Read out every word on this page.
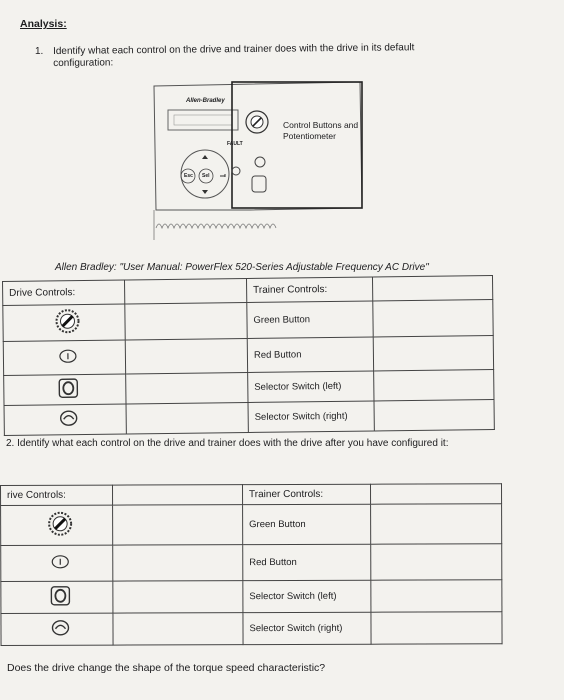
Analysis:
1. Identify what each control on the drive and trainer does with the drive in its default configuration:
Allen-Bradley
FAULT
Esc Sel
Control Buttons and Potentiometer
Allen Bradley: "User Manual: PowerFlex 520-Series Adjustable Frequency AC Drive"
Drive Controls:		Trainer Controls:	
		Green Button	
		Red Button	
		Selector Switch (left)	
		Selector Switch (right)	
2. Identify what each control on the drive and trainer does with the drive after you have configured it:
rive Controls:		Trainer Controls:	
		Green Button	
		Red Button	
		Selector Switch (left)	
		Selector Switch (right)	
Does the drive change the shape of the torque speed characteristic?
